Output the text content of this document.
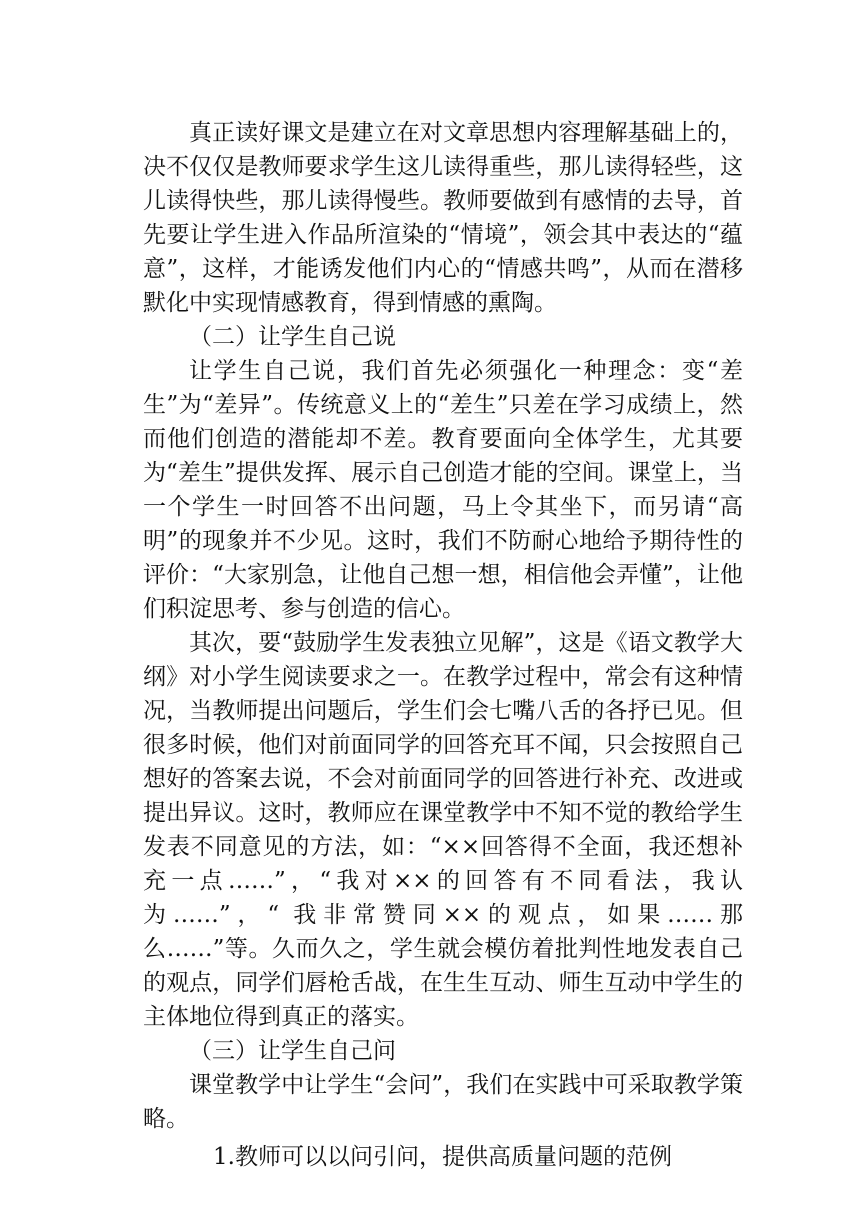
真正读好课文是建立在对文章思想内容理解基础上的，决不仅仅是教师要求学生这儿读得重些，那儿读得轻些，这儿读得快些，那儿读得慢些。教师要做到有感情的去导，首先要让学生进入作品所渲染的“情境”，领会其中表达的“蕴意”，这样，才能诱发他们内心的“情感共鸣”，从而在潜移默化中实现情感教育，得到情感的熏陶。

（二）让学生自己说

让学生自己说，我们首先必须强化一种理念：变“差生”为“差异”。传统意义上的“差生”只差在学习成绩上，然而他们创造的潜能却不差。教育要面向全体学生，尤其要为“差生”提供发挥、展示自己创造才能的空间。课堂上，当一个学生一时回答不出问题，马上令其坐下，而另请“高明”的现象并不少见。这时，我们不防耐心地给予期待性的评价：“大家别急，让他自己想一想，相信他会弄懂”，让他们积淀思考、参与创造的信心。

其次，要“鼓励学生发表独立见解”，这是《语文教学大纲》对小学生阅读要求之一。在教学过程中，常会有这种情况，当教师提出问题后，学生们会七嘴八舌的各抒已见。但很多时候，他们对前面同学的回答充耳不闻，只会按照自己想好的答案去说，不会对前面同学的回答进行补充、改进或提出异议。这时，教师应在课堂教学中不知不觉的教给学生发表不同意见的方法，如：“××回答得不全面，我还想补充一点……”，“我对××的回答有不同看法，我认为……”，“ 我非常赞同××的观点，如果……那么……”等。久而久之，学生就会模仿着批判性地发表自己的观点，同学们唇枪舌战，在生生互动、师生互动中学生的主体地位得到真正的落实。

（三）让学生自己问

课堂教学中让学生“会问”，我们在实践中可采取教学策略。

1.教师可以以问引问，提供高质量问题的范例
